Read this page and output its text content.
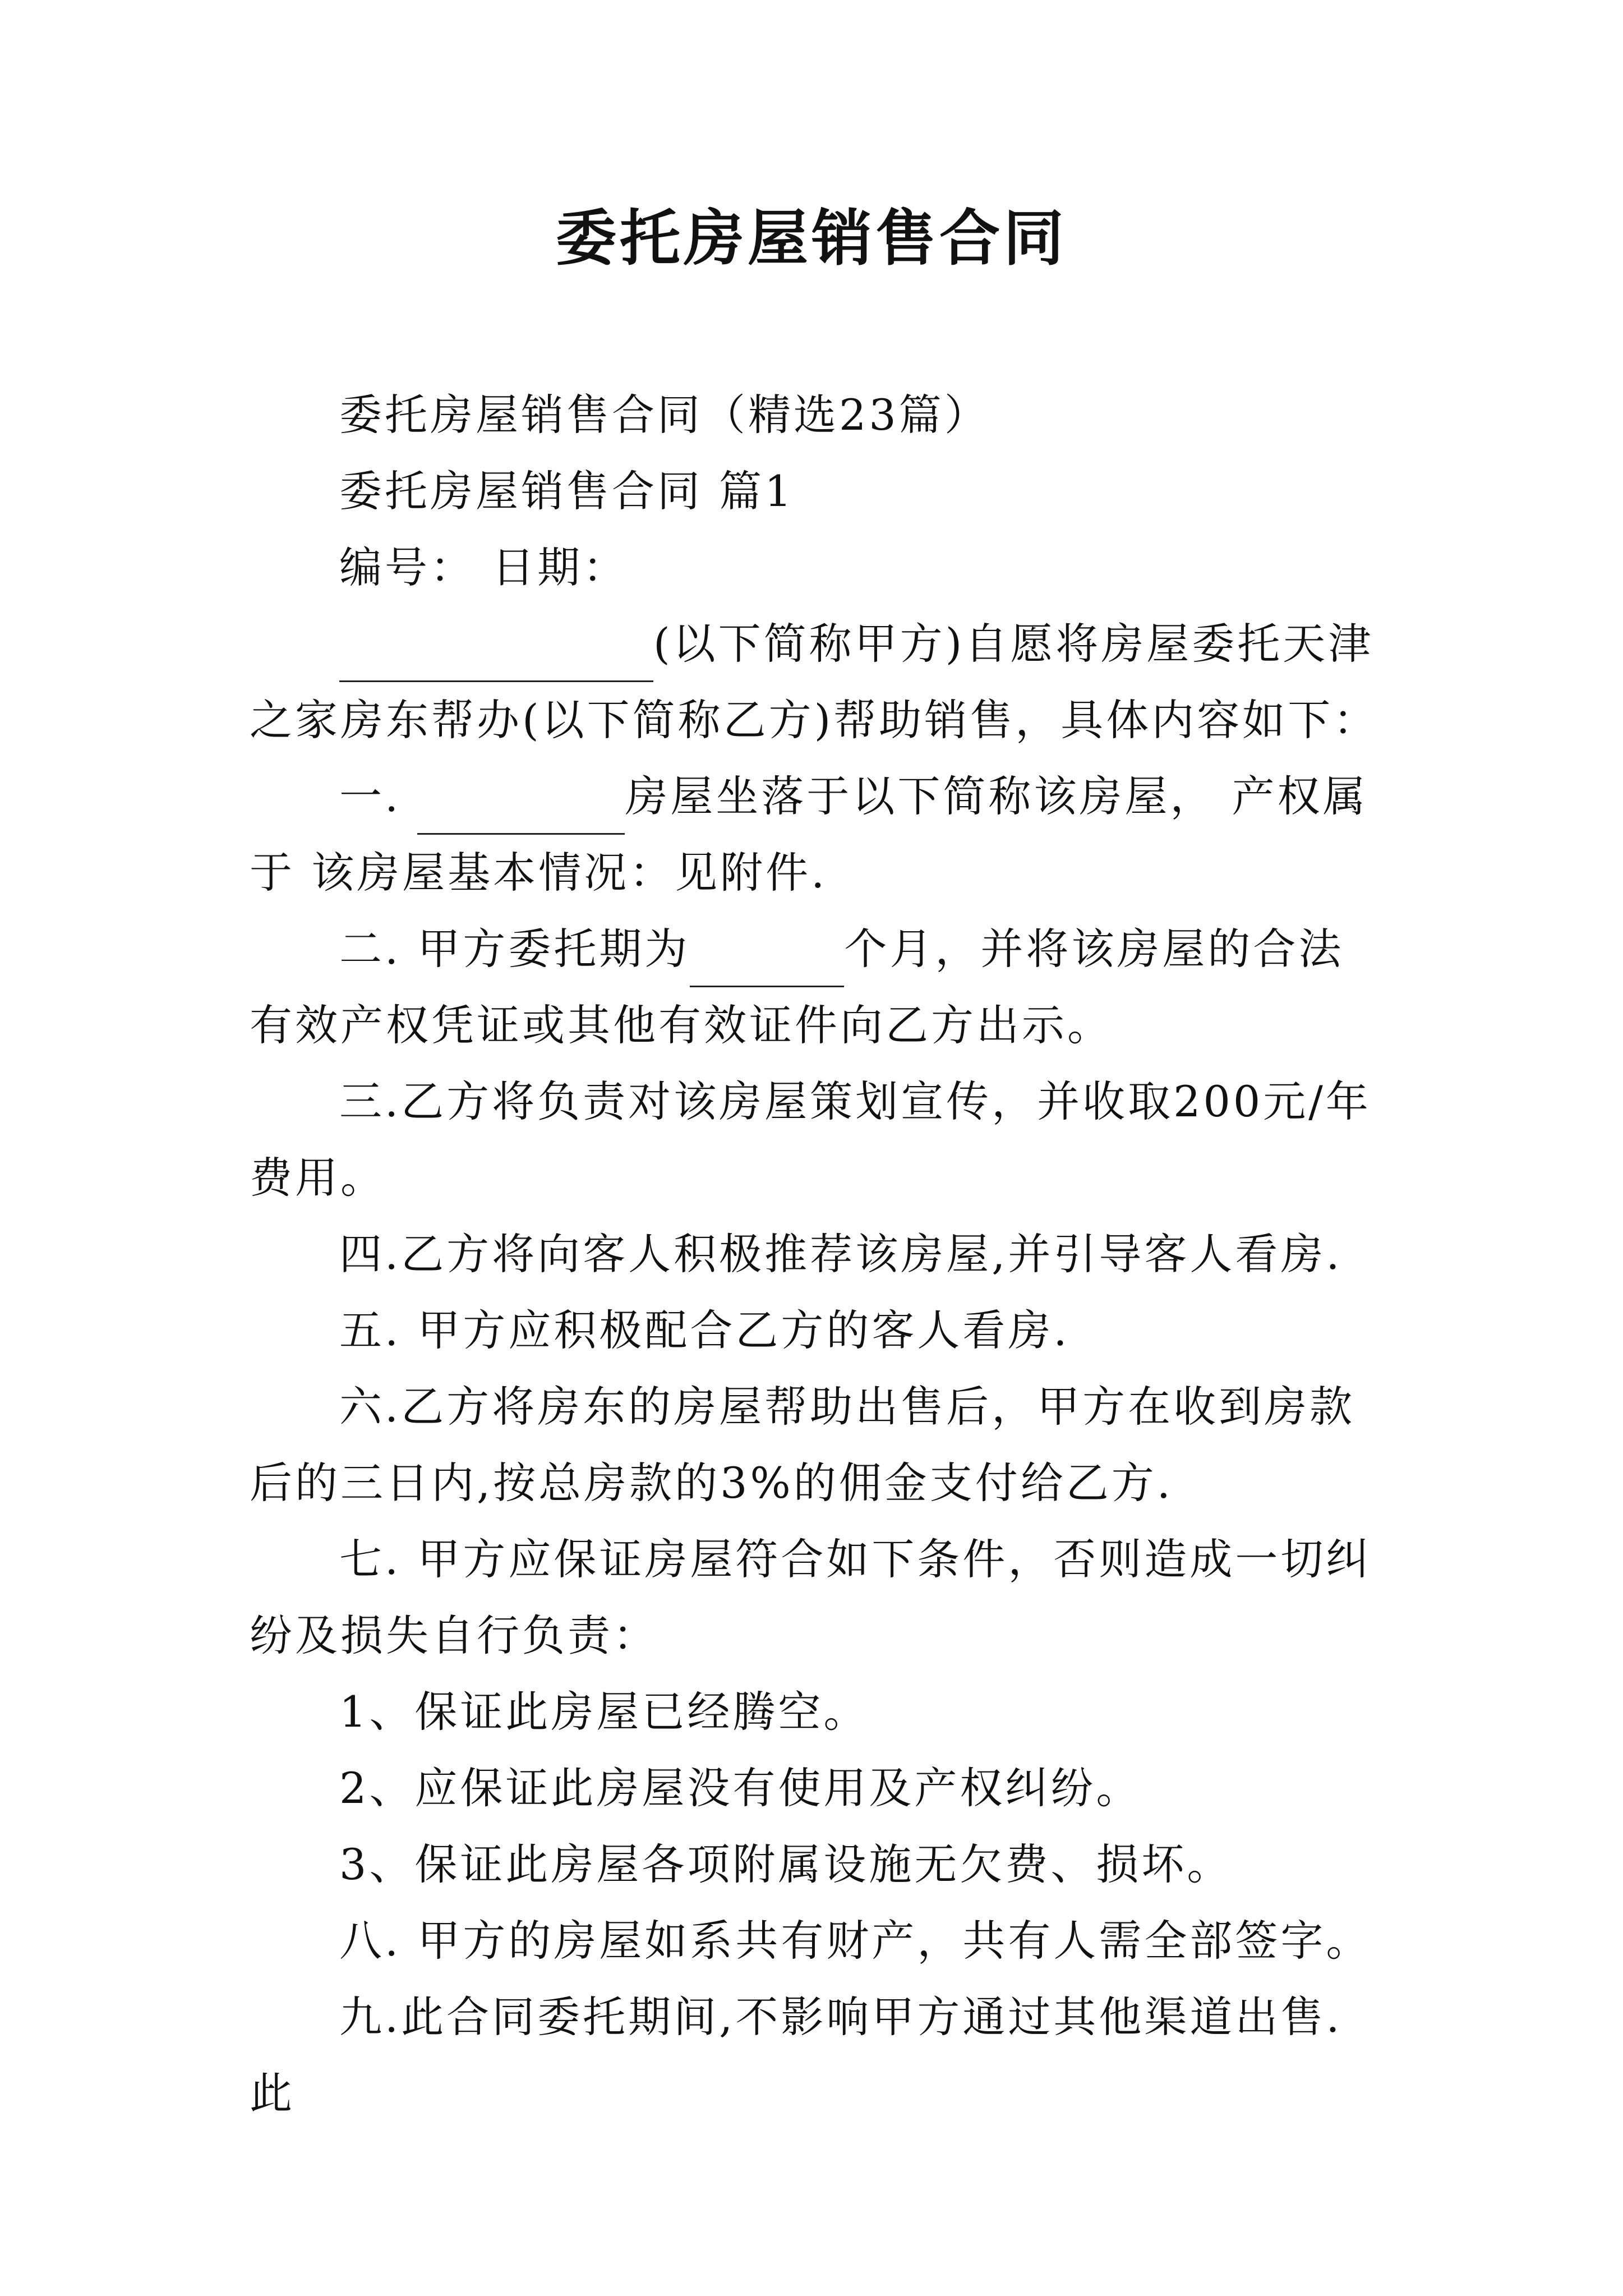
委托房屋销售合同

委托房屋销售合同（精选23篇）

委托房屋销售合同 篇1

编号： 日期：

(以下简称甲方)自愿将房屋委托天津之家房东帮办(以下简称乙方)帮助销售，具体内容如下：

一.	房屋坐落于以下简称该房屋， 产权属于 该房屋基本情况：见附件.

二. 甲方委托期为	个月，并将该房屋的合法有效产权凭证或其他有效证件向乙方出示。

三.乙方将负责对该房屋策划宣传，并收取200元/年费用。

四.乙方将向客人积极推荐该房屋,并引导客人看房.

五. 甲方应积极配合乙方的客人看房.

六.乙方将房东的房屋帮助出售后，甲方在收到房款后的三日内,按总房款的3%的佣金支付给乙方.

七. 甲方应保证房屋符合如下条件，否则造成一切纠纷及损失自行负责：

1、保证此房屋已经腾空。

2、应保证此房屋没有使用及产权纠纷。

3、保证此房屋各项附属设施无欠费、损坏。

八. 甲方的房屋如系共有财产，共有人需全部签字。

九.此合同委托期间,不影响甲方通过其他渠道出售.此
